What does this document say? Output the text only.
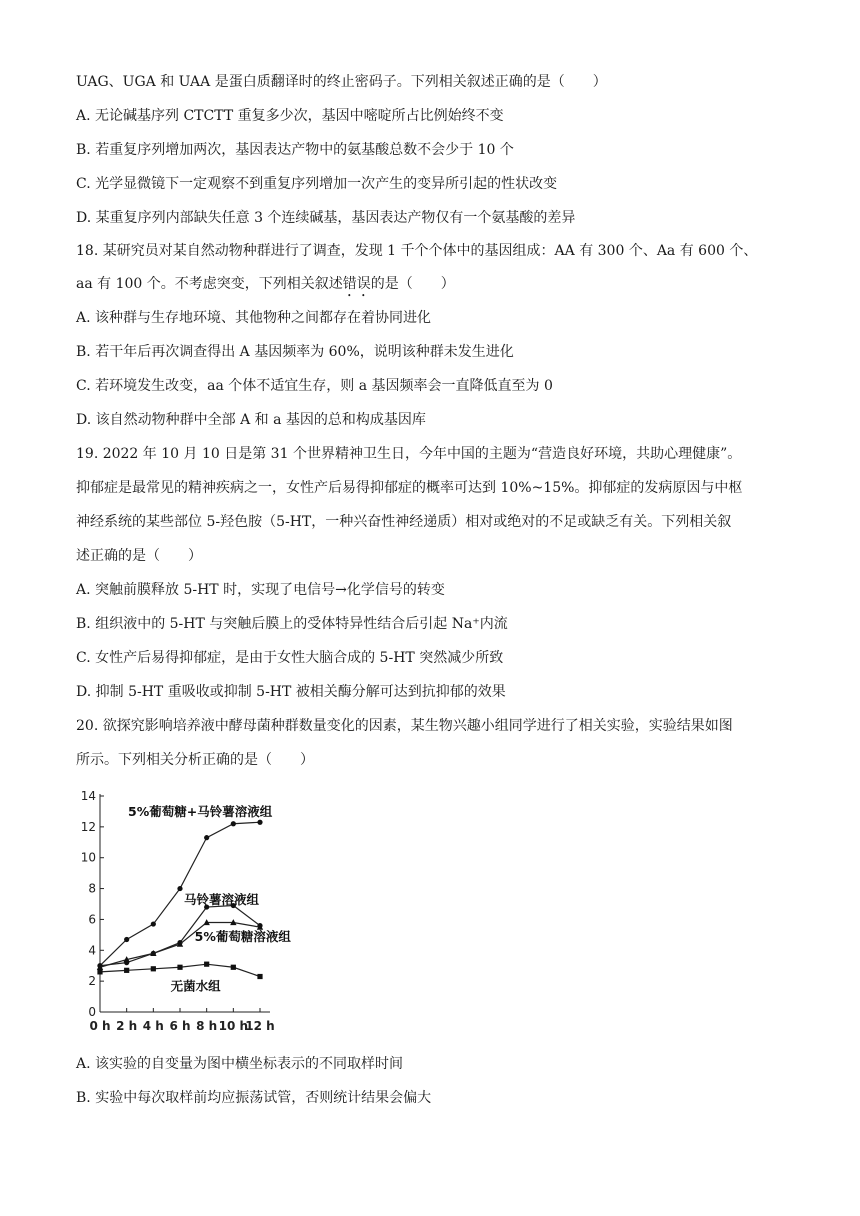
UAG、UGA 和 UAA 是蛋白质翻译时的终止密码子。下列相关叙述正确的是（　　）
A. 无论碱基序列 CTCTT 重复多少次，基因中嘧啶所占比例始终不变
B. 若重复序列增加两次，基因表达产物中的氨基酸总数不会少于 10 个
C. 光学显微镜下一定观察不到重复序列增加一次产生的变异所引起的性状改变
D. 某重复序列内部缺失任意 3 个连续碱基，基因表达产物仅有一个氨基酸的差异
18. 某研究员对某自然动物种群进行了调查，发现 1 千个个体中的基因组成：AA 有 300 个、Aa 有 600 个、
aa 有 100 个。不考虑突变，下列相关叙述错误的是（　　）
A. 该种群与生存地环境、其他物种之间都存在着协同进化
B. 若干年后再次调查得出 A 基因频率为 60%，说明该种群未发生进化
C. 若环境发生改变，aa 个体不适宜生存，则 a 基因频率会一直降低直至为 0
D. 该自然动物种群中全部 A 和 a 基因的总和构成基因库
19. 2022 年 10 月 10 日是第 31 个世界精神卫生日，今年中国的主题为“营造良好环境，共助心理健康”。
抑郁症是最常见的精神疾病之一，女性产后易得抑郁症的概率可达到 10%~15%。抑郁症的发病原因与中枢
神经系统的某些部位 5-羟色胺（5-HT，一种兴奋性神经递质）相对或绝对的不足或缺乏有关。下列相关叙
述正确的是（　　）
A. 突触前膜释放 5-HT 时，实现了电信号→化学信号的转变
B. 组织液中的 5-HT 与突触后膜上的受体特异性结合后引起 Na⁺内流
C. 女性产后易得抑郁症，是由于女性大脑合成的 5-HT 突然减少所致
D. 抑制 5-HT 重吸收或抑制 5-HT 被相关酶分解可达到抗抑郁的效果
20. 欲探究影响培养液中酵母菌种群数量变化的因素，某生物兴趣小组同学进行了相关实验，实验结果如图
所示。下列相关分析正确的是（　　）
0
2
4
6
8
10
12
14
0 h 2 h 4 h 6 h 8 h 10 h
12 h
5%葡萄糖+马铃薯溶液组
马铃薯溶液组
5%葡萄糖溶液组
无菌水组
A. 该实验的自变量为图中横坐标表示的不同取样时间
B. 实验中每次取样前均应振荡试管，否则统计结果会偏大
